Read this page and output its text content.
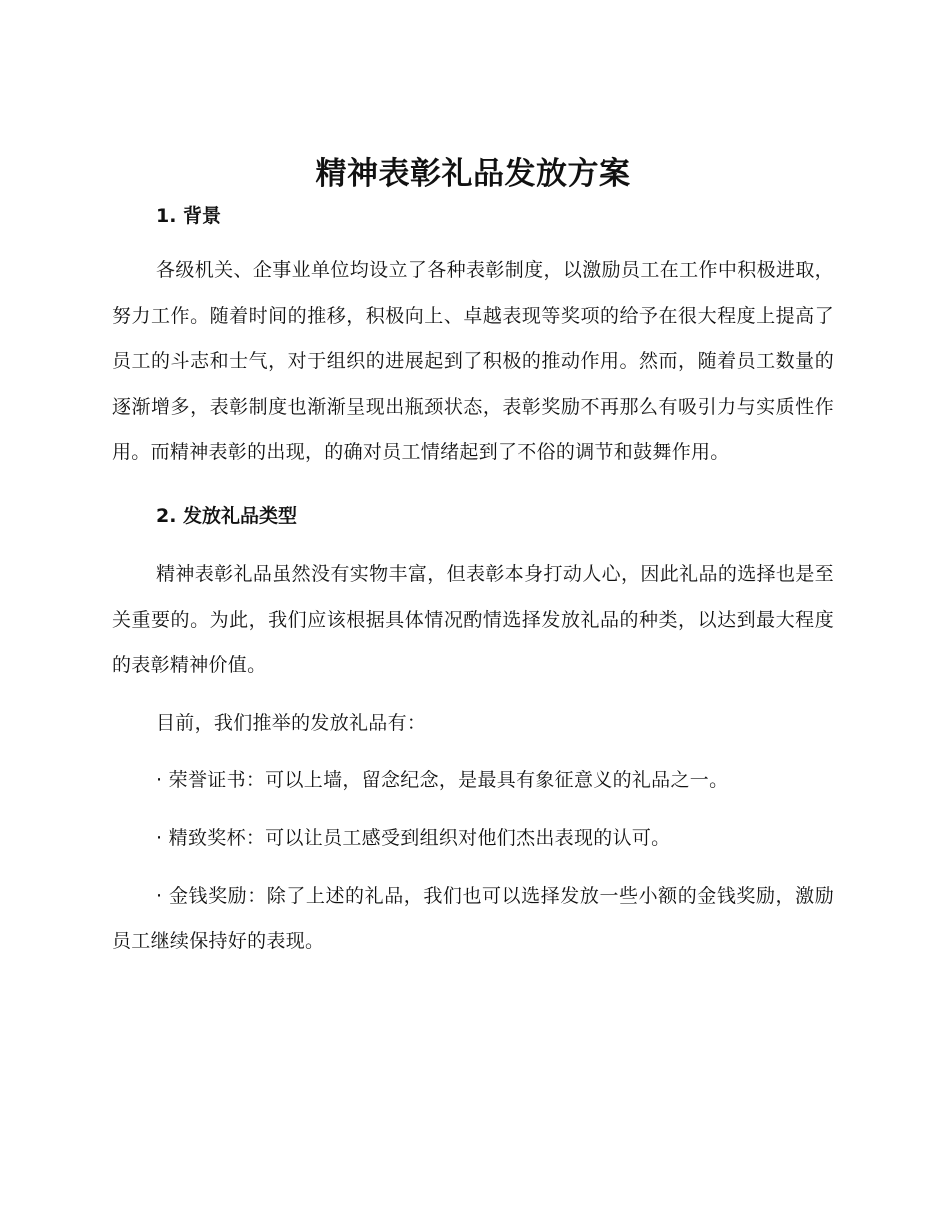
精神表彰礼品发放方案
1. 背景

各级机关、企事业单位均设立了各种表彰制度，以激励员工在工作中积极进取，努力工作。随着时间的推移，积极向上、卓越表现等奖项的给予在很大程度上提高了员工的斗志和士气，对于组织的进展起到了积极的推动作用。然而，随着员工数量的逐渐增多，表彰制度也渐渐呈现出瓶颈状态，表彰奖励不再那么有吸引力与实质性作用。而精神表彰的出现，的确对员工情绪起到了不俗的调节和鼓舞作用。

2. 发放礼品类型

精神表彰礼品虽然没有实物丰富，但表彰本身打动人心，因此礼品的选择也是至关重要的。为此，我们应该根据具体情况酌情选择发放礼品的种类，以达到最大程度的表彰精神价值。

目前，我们推举的发放礼品有：

· 荣誉证书：可以上墙，留念纪念，是最具有象征意义的礼品之一。

· 精致奖杯：可以让员工感受到组织对他们杰出表现的认可。

· 金钱奖励：除了上述的礼品，我们也可以选择发放一些小额的金钱奖励，激励员工继续保持好的表现。
